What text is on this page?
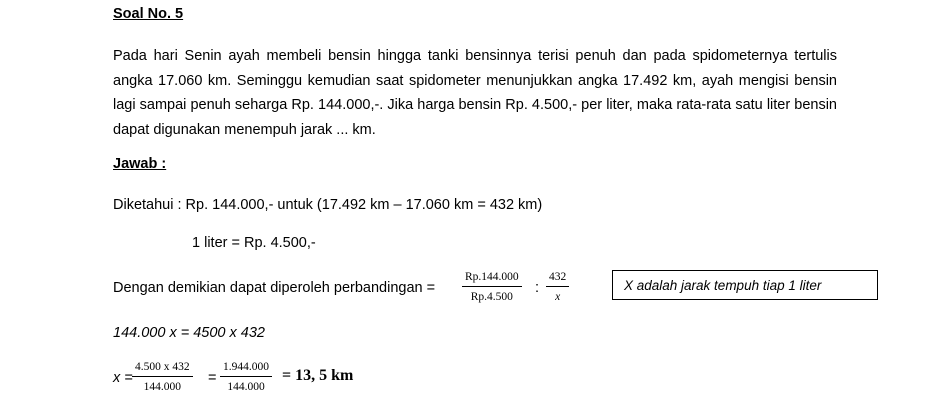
Soal No. 5
Pada hari Senin ayah membeli bensin hingga tanki bensinnya terisi penuh dan pada spidometernya tertulis angka 17.060 km. Seminggu kemudian saat spidometer menunjukkan angka 17.492 km, ayah mengisi bensin lagi sampai penuh seharga Rp. 144.000,-. Jika harga bensin Rp. 4.500,- per liter, maka rata-rata satu liter bensin dapat digunakan menempuh jarak ... km.
Jawab :
Diketahui : Rp. 144.000,- untuk (17.492 km – 17.060 km = 432 km)
1 liter = Rp. 4.500,-
Dengan demikian dapat diperoleh perbandingan = $\frac{Rp.144.000}{Rp.4.500}$ : $\frac{432}{x}$	X adalah jarak tempuh tiap 1 liter
144.000 x = 4500 x 432
$x = \frac{4.500 x 432}{144.000} = \frac{1.944.000}{144.000} = 13$, 5 km
